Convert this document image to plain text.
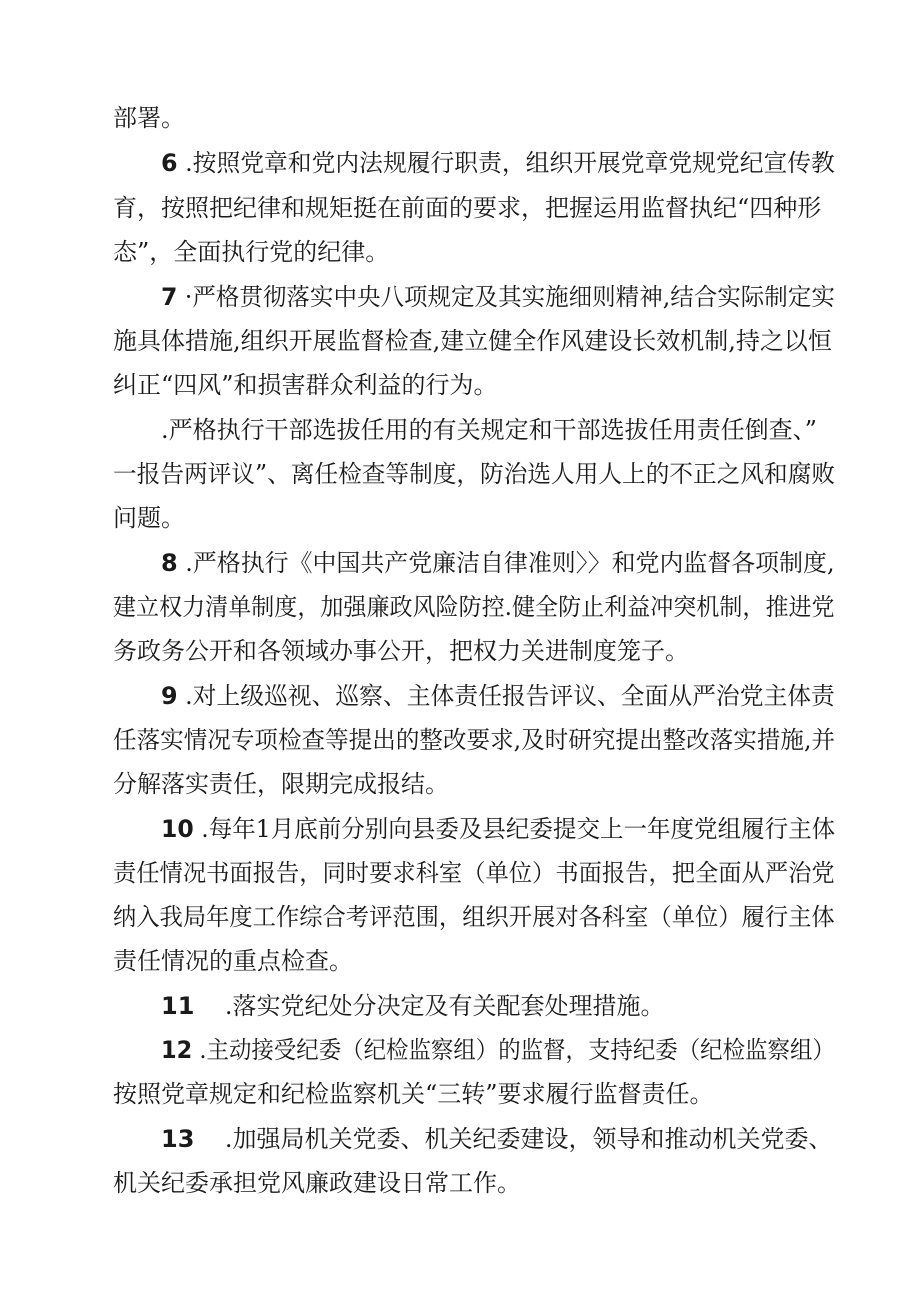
部署。
6 .按照党章和党内法规履行职责，组织开展党章党规党纪宣传教
育，按照把纪律和规矩挺在前面的要求，把握运用监督执纪“四种形
态”，全面执行党的纪律。
7 ·严格贯彻落实中央八项规定及其实施细则精神,结合实际制定实
施具体措施,组织开展监督检查,建立健全作风建设长效机制,持之以恒
纠正“四风”和损害群众利益的行为。
.严格执行干部选拔任用的有关规定和干部选拔任用责任倒查、”
一报告两评议”、离任检查等制度，防治选人用人上的不正之风和腐败
问题。
8 .严格执行《中国共产党廉洁自律准则〉〉和党内监督各项制度,
建立权力清单制度，加强廉政风险防控.健全防止利益冲突机制，推进党
务政务公开和各领域办事公开，把权力关进制度笼子。
9 .对上级巡视、巡察、主体责任报告评议、全面从严治党主体责
任落实情况专项检查等提出的整改要求,及时研究提出整改落实措施,并
分解落实责任，限期完成报结。
10 .每年1月底前分别向县委及县纪委提交上一年度党组履行主体
责任情况书面报告，同时要求科室（单位）书面报告，把全面从严治党
纳入我局年度工作综合考评范围，组织开展对各科室（单位）履行主体
责任情况的重点检查。
11    .落实党纪处分决定及有关配套处理措施。
12 .主动接受纪委（纪检监察组）的监督，支持纪委（纪检监察组）
按照党章规定和纪检监察机关“三转”要求履行监督责任。
13    .加强局机关党委、机关纪委建设，领导和推动机关党委、
机关纪委承担党风廉政建设日常工作。
